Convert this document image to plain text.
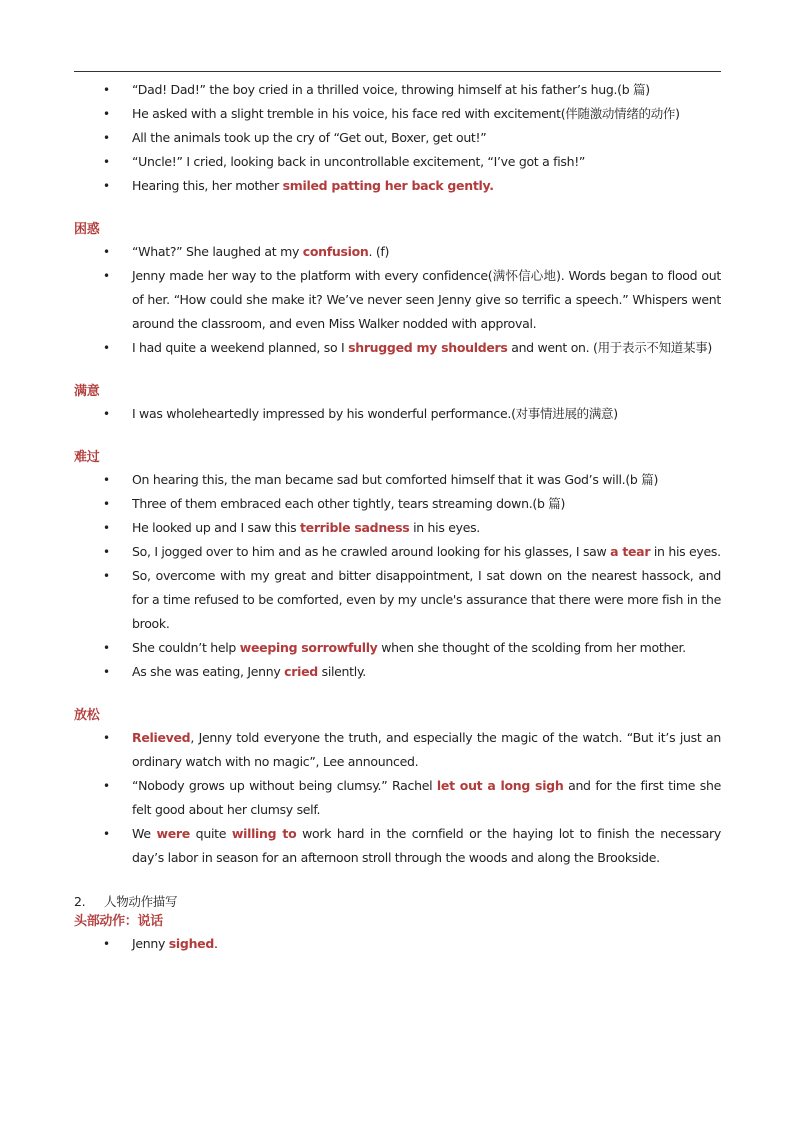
• “Dad! Dad!” the boy cried in a thrilled voice, throwing himself at his father’s hug.(b 篇)
• He asked with a slight tremble in his voice, his face red with excitement(伴随激动情绪的动作)
• All the animals took up the cry of “Get out, Boxer, get out!”
• “Uncle!” I cried, looking back in uncontrollable excitement, “I’ve got a fish!”
• Hearing this, her mother smiled patting her back gently.
困惑
• “What?” She laughed at my confusion. (f)
• Jenny made her way to the platform with every confidence(满怀信心地). Words began to flood out of her. “How could she make it? We’ve never seen Jenny give so terrific a speech.” Whispers went around the classroom, and even Miss Walker nodded with approval.
• I had quite a weekend planned, so I shrugged my shoulders and went on. (用于表示不知道某事)
满意
• I was wholeheartedly impressed by his wonderful performance.(对事情进展的满意)
难过
• On hearing this, the man became sad but comforted himself that it was God’s will.(b 篇)
• Three of them embraced each other tightly, tears streaming down.(b 篇)
• He looked up and I saw this terrible sadness in his eyes.
• So, I jogged over to him and as he crawled around looking for his glasses, I saw a tear in his eyes.
• So, overcome with my great and bitter disappointment, I sat down on the nearest hassock, and for a time refused to be comforted, even by my uncle's assurance that there were more fish in the brook.
• She couldn’t help weeping sorrowfully when she thought of the scolding from her mother.
• As she was eating, Jenny cried silently.
放松
• Relieved, Jenny told everyone the truth, and especially the magic of the watch. “But it’s just an ordinary watch with no magic”, Lee announced.
• “Nobody grows up without being clumsy.” Rachel let out a long sigh and for the first time she felt good about her clumsy self.
• We were quite willing to work hard in the cornfield or the haying lot to finish the necessary day’s labor in season for an afternoon stroll through the woods and along the Brookside.
2. 人物动作描写
头部动作：说话
• Jenny sighed.
